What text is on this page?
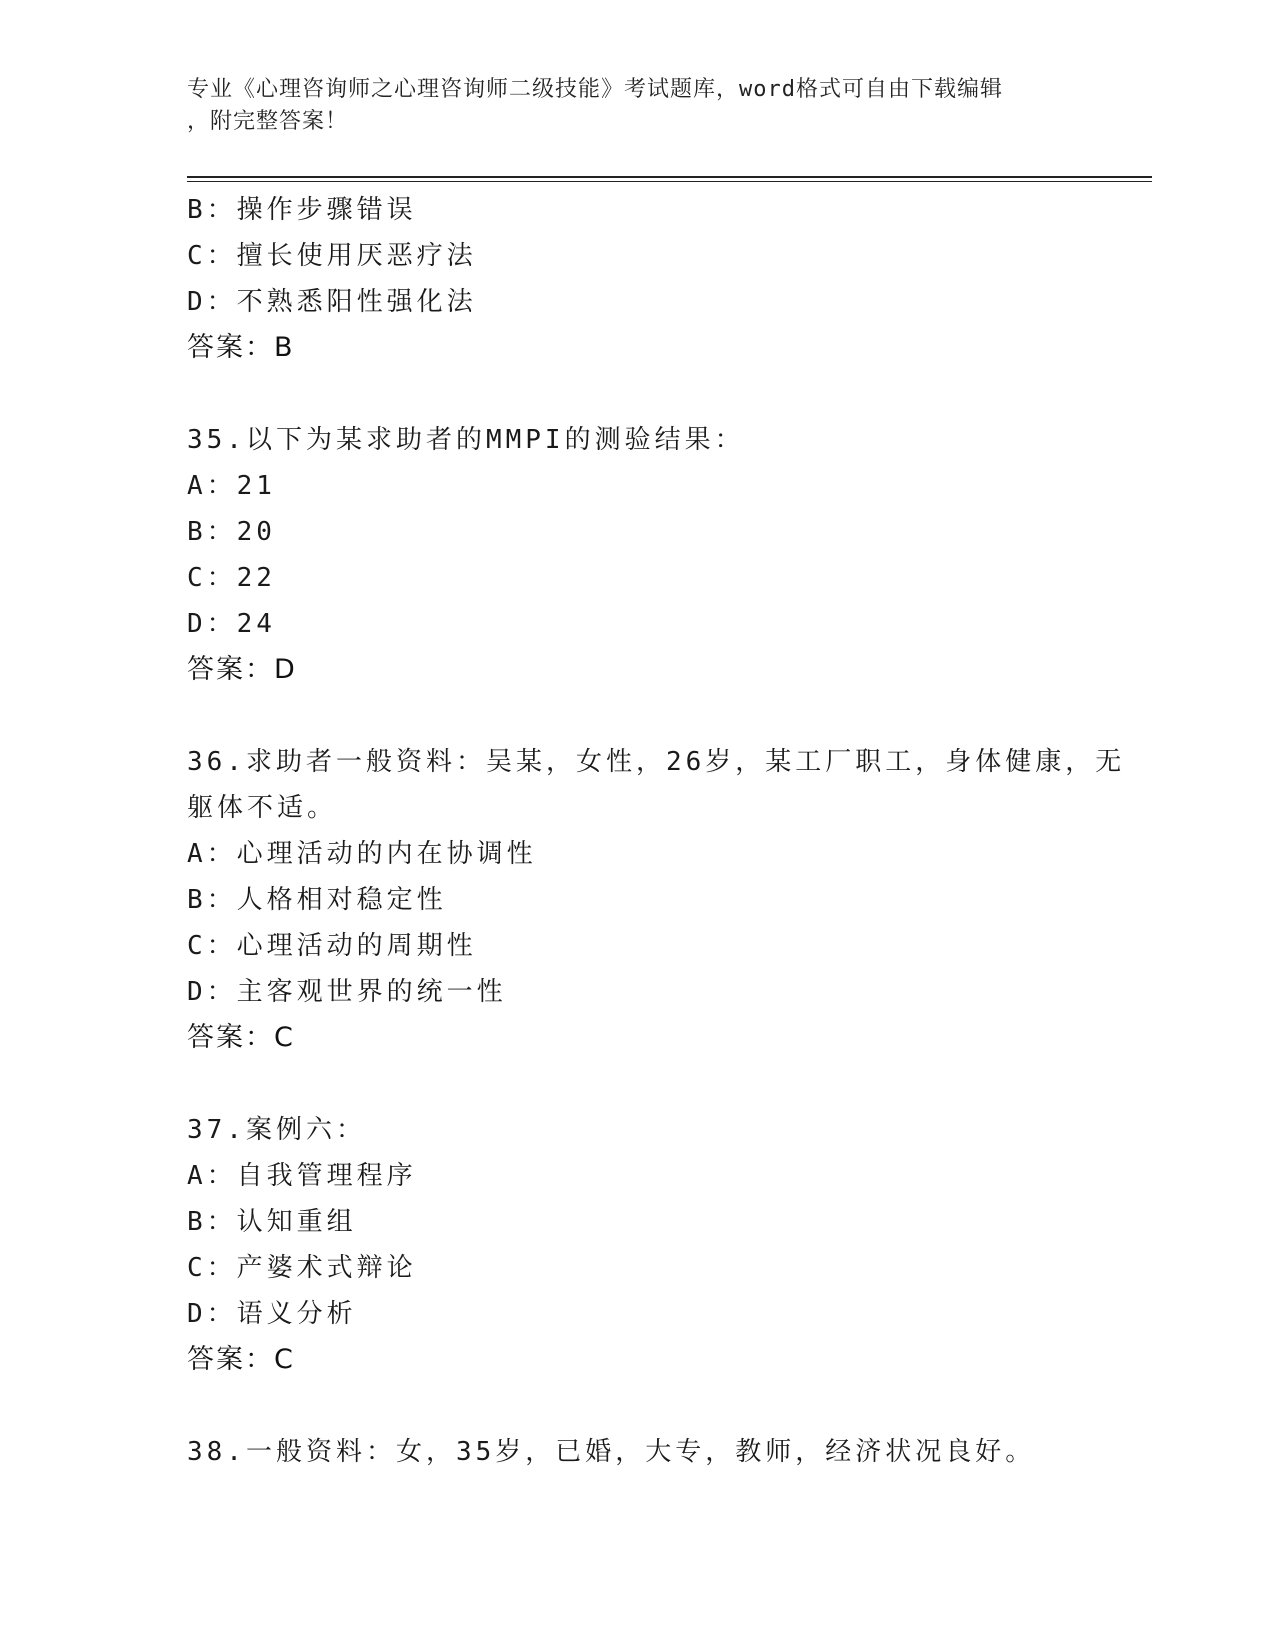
专业《心理咨询师之心理咨询师二级技能》考试题库，word格式可自由下载编辑
，附完整答案！
B：操作步骤错误
C：擅长使用厌恶疗法
D：不熟悉阳性强化法
答案：B
35.以下为某求助者的MMPI的测验结果：
A：21
B：20
C：22
D：24
答案：D
36.求助者一般资料：吴某，女性，26岁，某工厂职工，身体健康，无
躯体不适。
A：心理活动的内在协调性
B：人格相对稳定性
C：心理活动的周期性
D：主客观世界的统一性
答案：C
37.案例六：
A：自我管理程序
B：认知重组
C：产婆术式辩论
D：语义分析
答案：C
38.一般资料：女，35岁，已婚，大专，教师，经济状况良好。
